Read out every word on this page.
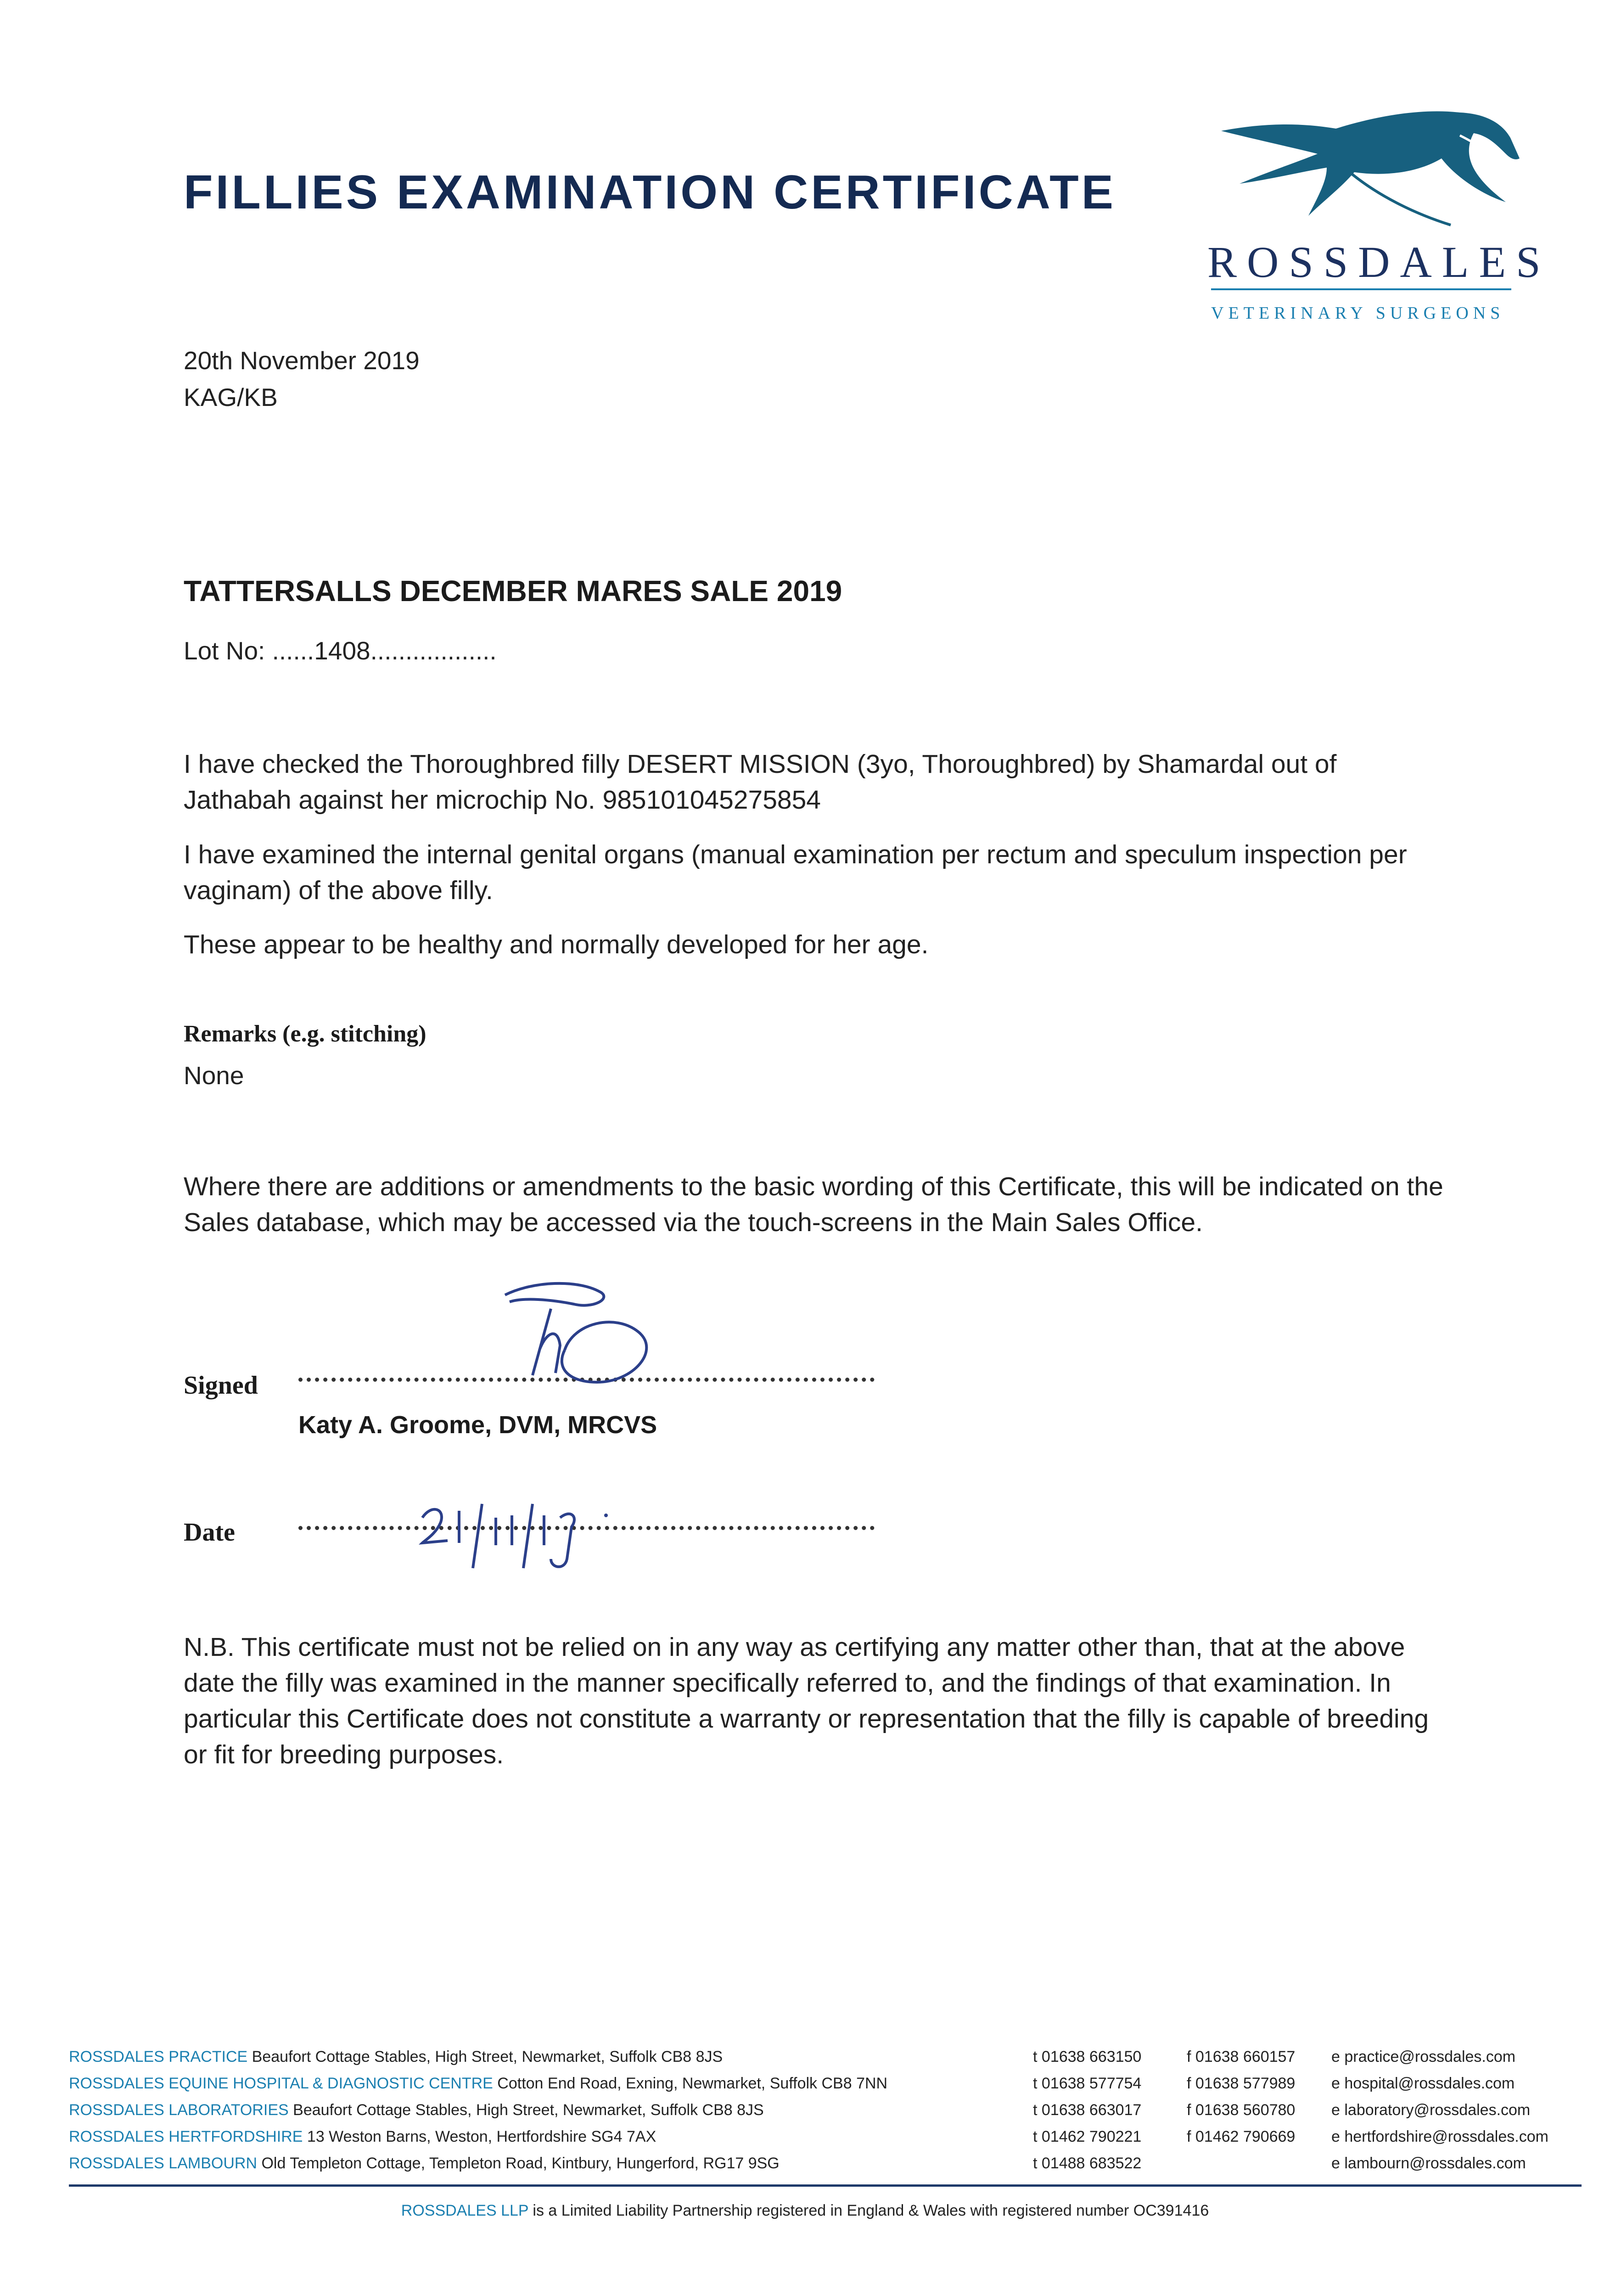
FILLIES EXAMINATION CERTIFICATE
ROSSDALES
VETERINARY SURGEONS
20th November 2019
KAG/KB
TATTERSALLS DECEMBER MARES SALE 2019
Lot No: ......1408..................
I have checked the Thoroughbred filly DESERT MISSION (3yo, Thoroughbred) by Shamardal out of Jathabah against her microchip No. 985101045275854
I have examined the internal genital organs (manual examination per rectum and speculum inspection per vaginam) of the above filly.
These appear to be healthy and normally developed for her age.
Remarks (e.g. stitching)
None
Where there are additions or amendments to the basic wording of this Certificate, this will be indicated on the Sales database, which may be accessed via the touch-screens in the Main Sales Office.
Signed
Katy A. Groome, DVM, MRCVS
Date
N.B. This certificate must not be relied on in any way as certifying any matter other than, that at the above date the filly was examined in the manner specifically referred to, and the findings of that examination. In particular this Certificate does not constitute a warranty or representation that the filly is capable of breeding or fit for breeding purposes.
ROSSDALES PRACTICE Beaufort Cottage Stables, High Street, Newmarket, Suffolk CB8 8JS	t 01638 663150	f 01638 660157 e practice@rossdales.com
ROSSDALES EQUINE HOSPITAL & DIAGNOSTIC CENTRE Cotton End Road, Exning, Newmarket, Suffolk CB8 7NN	t 01638 577754	f 01638 577989 e hospital@rossdales.com
ROSSDALES LABORATORIES Beaufort Cottage Stables, High Street, Newmarket, Suffolk CB8 8JS	t 01638 663017	f 01638 560780 e laboratory@rossdales.com
ROSSDALES HERTFORDSHIRE 13 Weston Barns, Weston, Hertfordshire SG4 7AX	t 01462 790221	f 01462 790669 e hertfordshire@rossdales.com
ROSSDALES LAMBOURN Old Templeton Cottage, Templeton Road, Kintbury, Hungerford, RG17 9SG	t 01488 683522	e lambourn@rossdales.com
ROSSDALES LLP is a Limited Liability Partnership registered in England & Wales with registered number OC391416
